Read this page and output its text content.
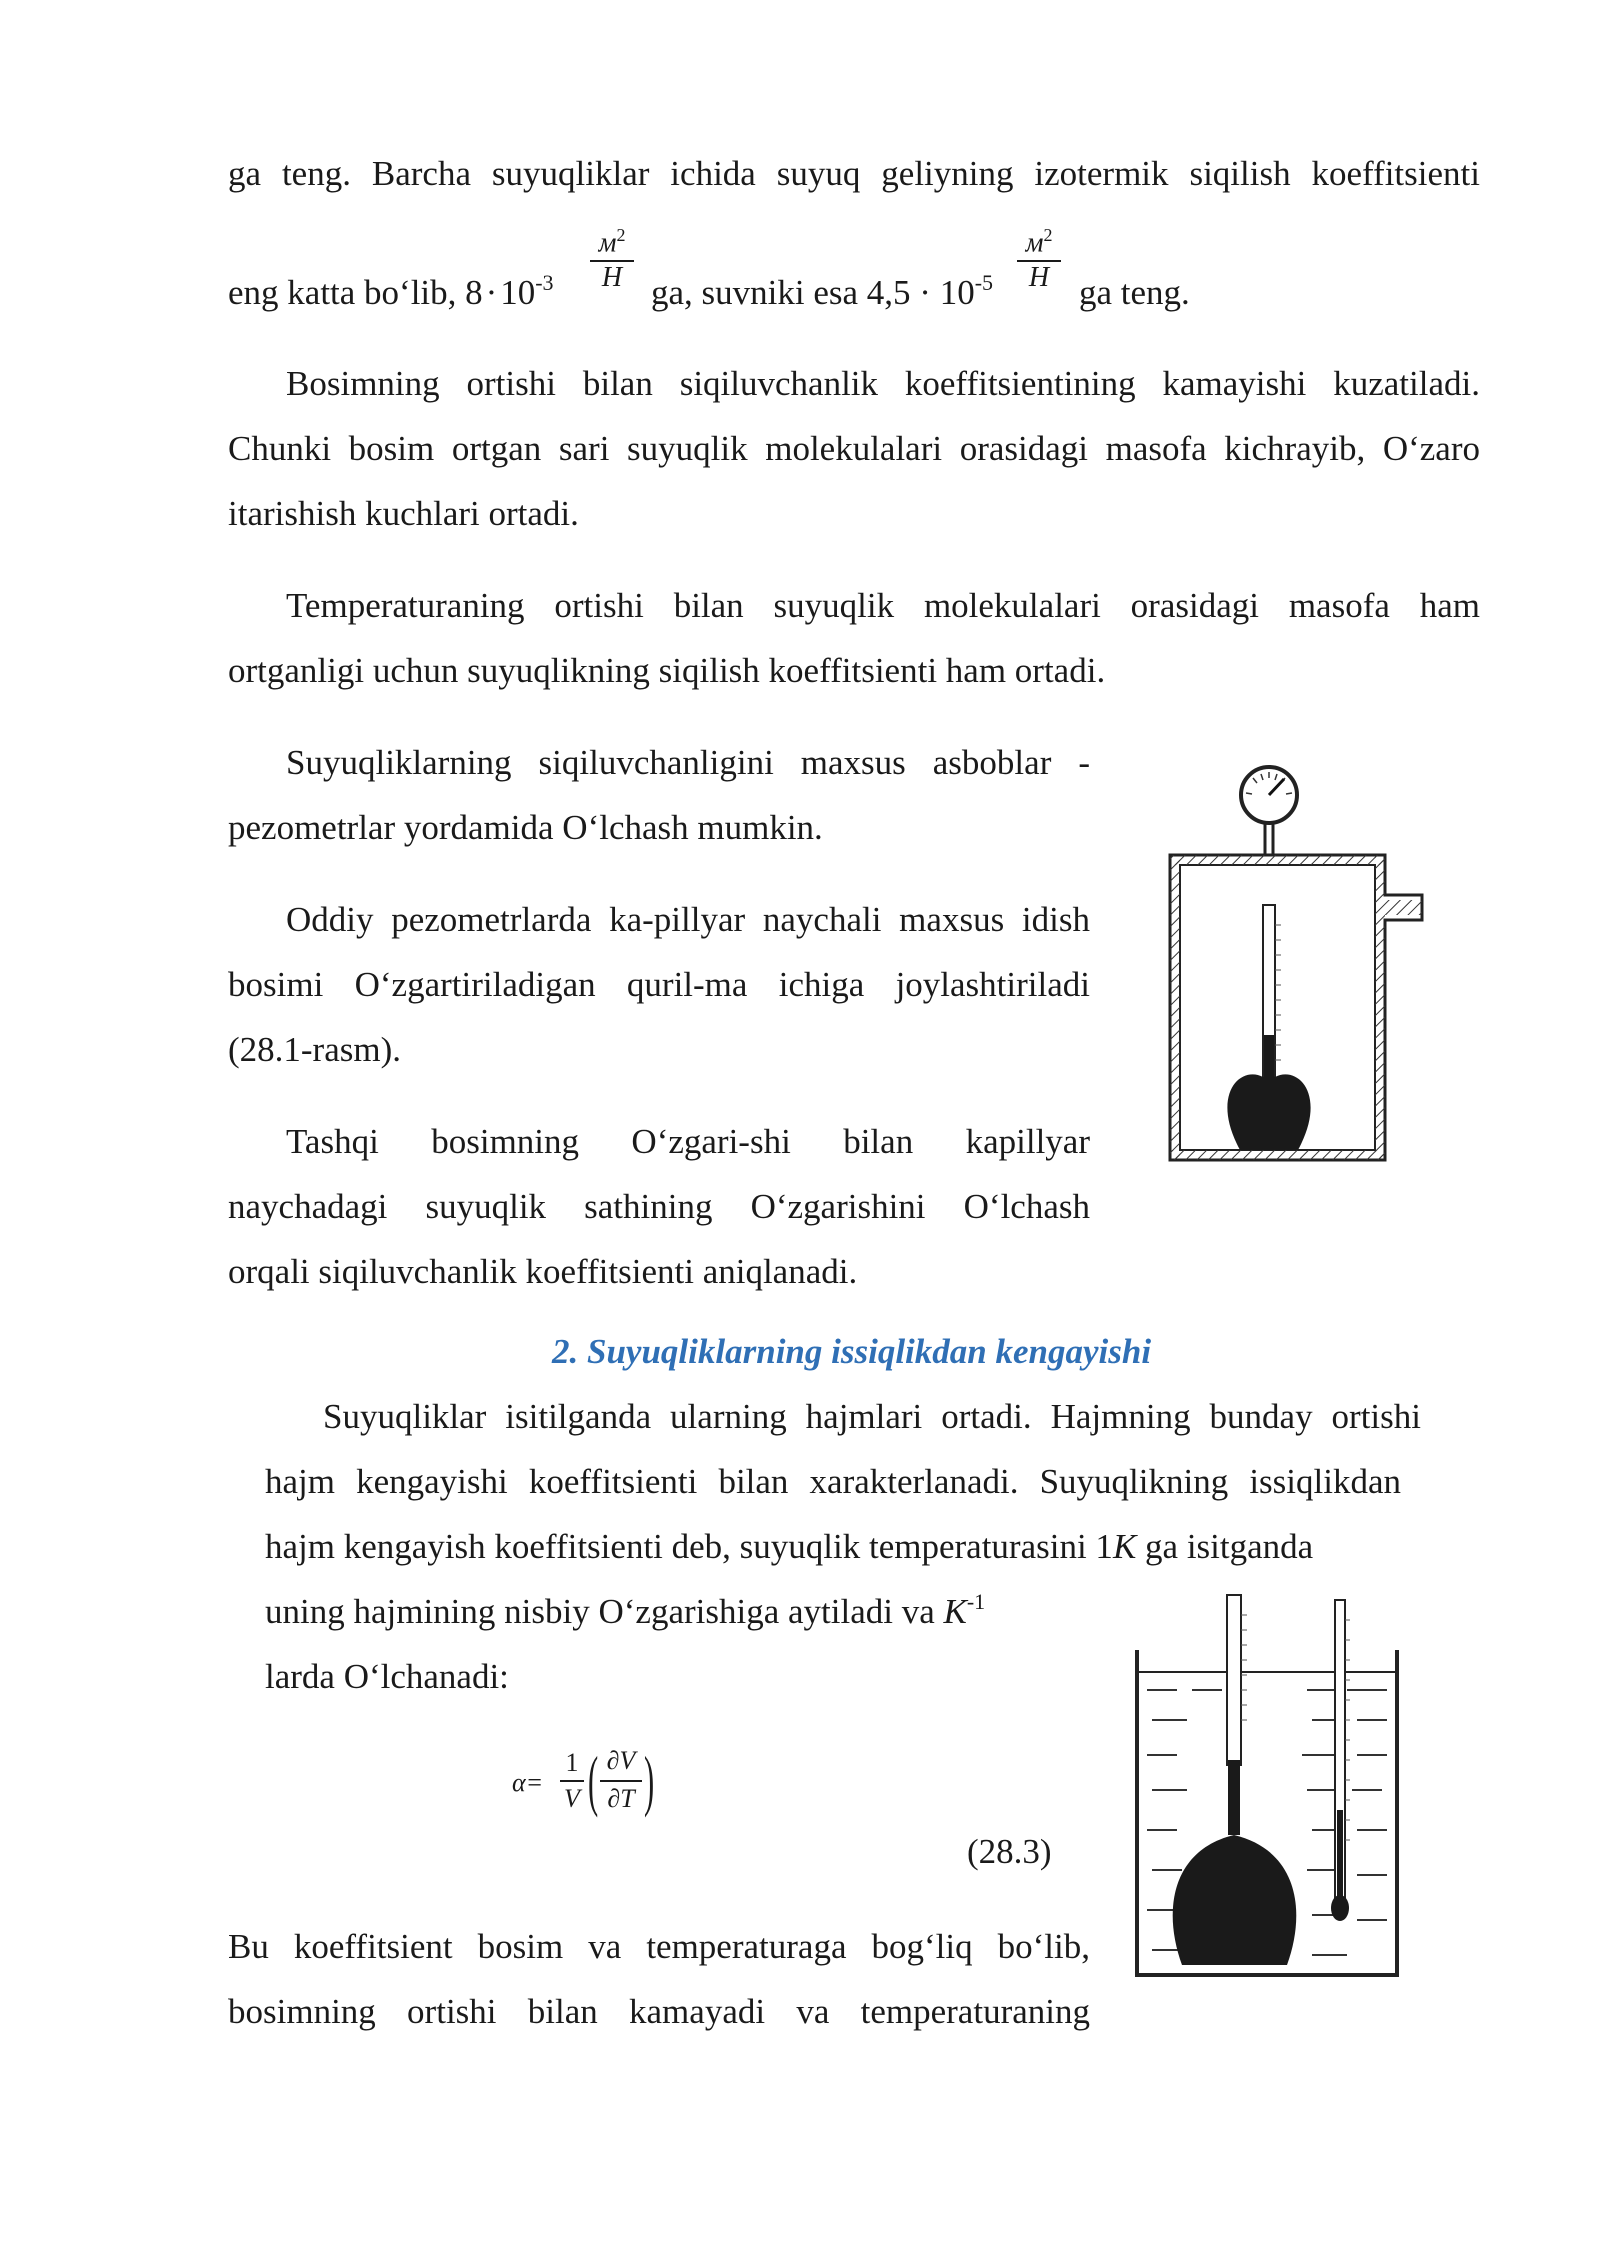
ga teng. Barcha suyuqliklar ichida suyuq geliyning izotermik siqilish koeffitsienti
eng katta bo‘lib, 8 · $10^{-3}$
$м^2$
Н ga, suvniki esa $4,5 \cdot 10^{-5}$
$м^2$
Н ga teng.
Bosimning ortishi bilan siqiluvchanlik koeffitsientining kamayishi kuzatiladi.
Chunki bosim ortgan sari suyuqlik molekulalari orasidagi masofa kichrayib, O‘zaro
itarishish kuchlari ortadi.
Temperaturaning ortishi bilan suyuqlik molekulalari orasidagi masofa ham
ortganligi uchun suyuqlikning siqilish koeffitsienti ham ortadi.
Suyuqliklarning siqiluvchanligini maxsus asboblar -
pezometrlar yordamida O‘lchash mumkin.
Oddiy pezometrlarda ka-pillyar naychali maxsus idish
bosimi O‘zgartiriladigan quril-ma ichiga joylashtiriladi
(28.1-rasm).
Tashqi bosimning O‘zgari-shi bilan kapillyar
naychadagi suyuqlik sathining O‘zgarishini O‘lchash
orqali siqiluvchanlik koeffitsienti aniqlanadi.
2. Suyuqliklarning issiqlikdan kengayishi
Suyuqliklar isitilganda ularning hajmlari ortadi. Hajmning bunday ortishi
hajm kengayishi koeffitsienti bilan xarakterlanadi. Suyuqlikning issiqlikdan
hajm kengayish koeffitsienti deb, suyuqlik temperaturasini 1K ga isitganda
uning hajmining nisbiy O‘zgarishiga aytiladi va $K^{-1}$
larda O‘lchanadi:
α=
1
V ( ∂V
∂T )
(28.3)
Bu koeffitsient bosim va temperaturaga bog‘liq bo‘lib,
bosimning ortishi bilan kamayadi va temperaturaning
